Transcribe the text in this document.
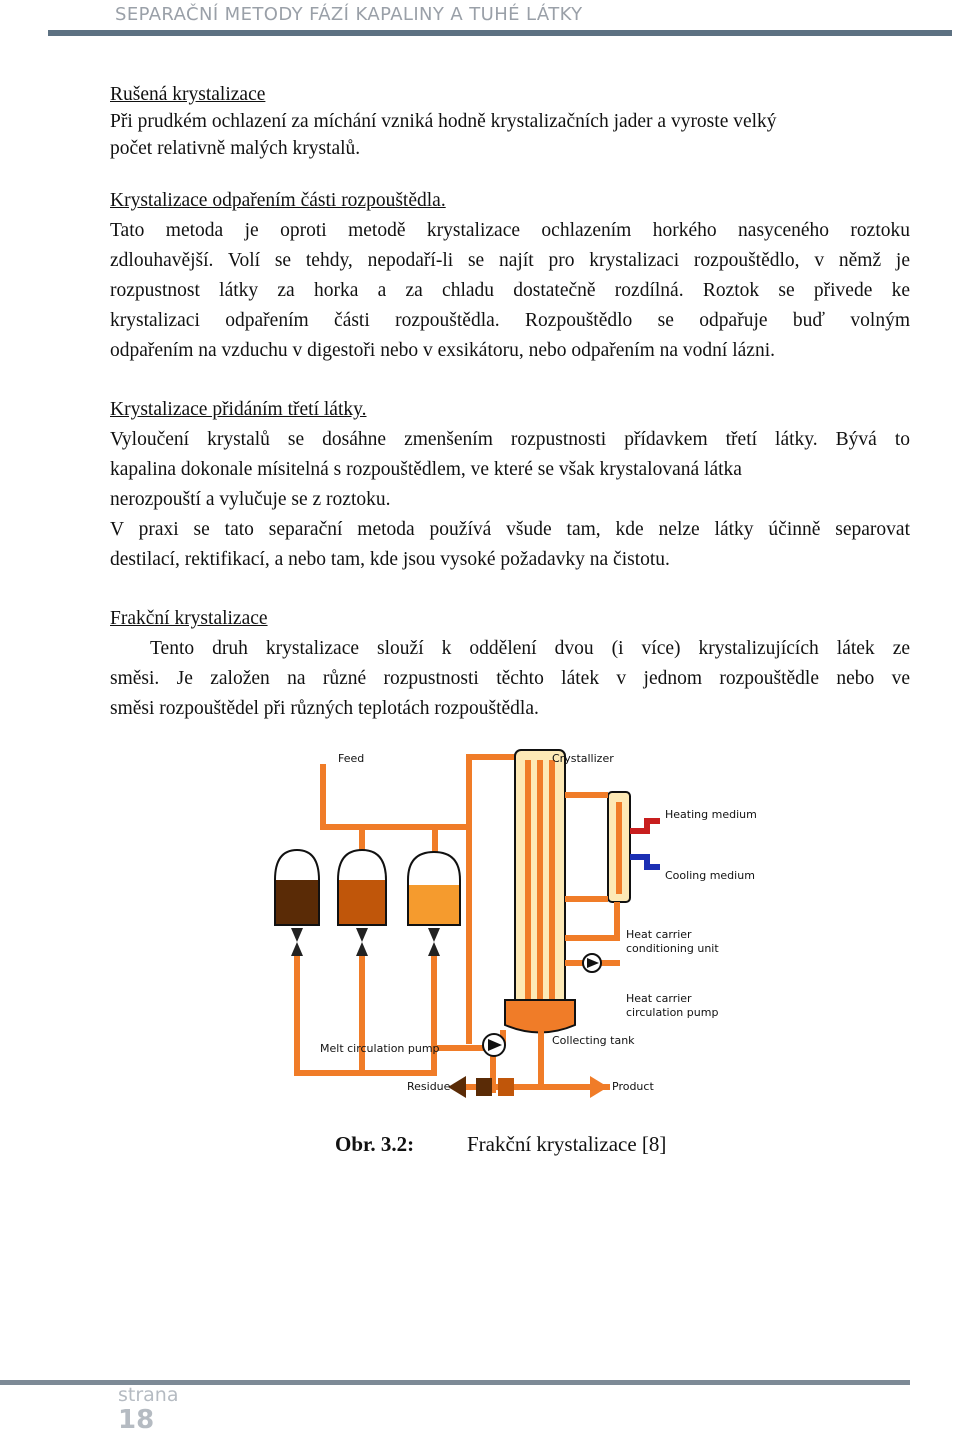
SEPARAČNÍ METODY FÁZÍ KAPALINY A TUHÉ LÁTKY
Rušená krystalizace
Při prudkém ochlazení za míchání vzniká hodně krystalizačních jader a vyroste velký
počet relativně malých krystalů.
Krystalizace odpařením části rozpouštědla.
Tato metoda je oproti metodě krystalizace ochlazením horkého nasyceného roztoku
zdlouhavější. Volí se tehdy, nepodaří-li se najít pro krystalizaci rozpouštědlo, v němž je
rozpustnost látky za horka a za chladu dostatečně rozdílná. Roztok se přivede ke
krystalizaci odpařením části rozpouštědla. Rozpouštědlo se odpařuje buď volným
odpařením na vzduchu v digestoři nebo v exsikátoru, nebo odpařením na vodní lázni.
Krystalizace přidáním třetí látky.
Vyloučení krystalů se dosáhne zmenšením rozpustnosti přídavkem třetí látky. Bývá to
kapalina dokonale mísitelná s rozpouštědlem, ve které se však krystalovaná látka
nerozpouští a vylučuje se z roztoku.
V praxi se tato separační metoda používá všude tam, kde nelze látky účinně separovat
destilací, rektifikací, a nebo tam, kde jsou vysoké požadavky na čistotu.
Frakční krystalizace
Tento druh krystalizace slouží k oddělení dvou (i více) krystalizujících látek ze
směsi. Je založen na různé rozpustnosti těchto látek v jednom rozpouštědle nebo ve
směsi rozpouštědel při různých teplotách rozpouštědla.
Feed	Crystallizer
Heating medium
Cooling medium
Heat carrier
conditioning unit
Heat carrier
circulation pump
Melt circulation pump
Collecting tank
Residue	Product
Obr. 3.2:	Frakční krystalizace [8]
strana
18
